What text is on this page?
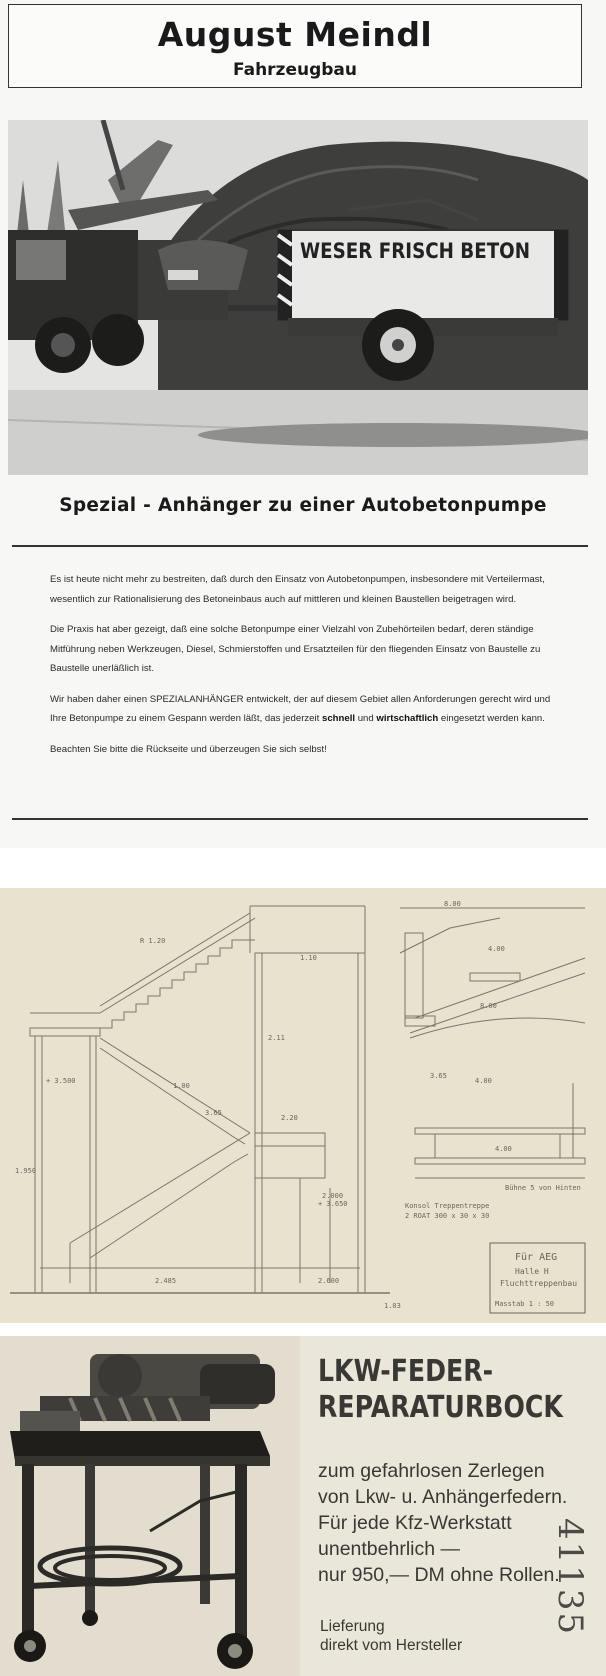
August Meindl
Fahrzeugbau
WESER FRISCH BETON
Spezial - Anhänger zu einer Autobetonpumpe

Es ist heute nicht mehr zu bestreiten, daß durch den Einsatz von Autobetonpumpen, insbesondere mit Verteilermast, wesentlich zur Rationalisierung des Betoneinbaus auch auf mittleren und kleinen Baustellen beigetragen wird.

Die Praxis hat aber gezeigt, daß eine solche Betonpumpe einer Vielzahl von Zubehörteilen bedarf, deren ständige Mitführung neben Werkzeugen, Diesel, Schmierstoffen und Ersatzteilen für den fliegenden Einsatz von Baustelle zu Baustelle unerläßlich ist.

Wir haben daher einen SPEZIALANHÄNGER entwickelt, der auf diesem Gebiet allen Anforderungen gerecht wird und Ihre Betonpumpe zu einem Gespann werden läßt, das jederzeit schnell und wirtschaftlich eingesetzt werden kann.

Beachten Sie bitte die Rückseite und überzeugen Sie sich selbst!

R 1.20
1.10
2.11
2.20
3.65
1.00
2.000
+ 3.650
2.485	2.600
+ 3.500
1.950
1.03
8.00
4.00
8.00
3.65
4.00
4.00
Konsol Treppentreppe
2 ROAT 300 x 30 x 30
Bühne 5 von Hinten
Für AEG
Halle H
Fluchttreppenbau
Masstab 1 : 50
LKW-FEDER-
REPARATURBOCK
zum gefahrlosen Zerlegen
von Lkw- u. Anhängerfedern.
Für jede Kfz-Werkstatt
unentbehrlich —
nur 950,— DM ohne Rollen.
Lieferung
direkt vom Hersteller
41135
